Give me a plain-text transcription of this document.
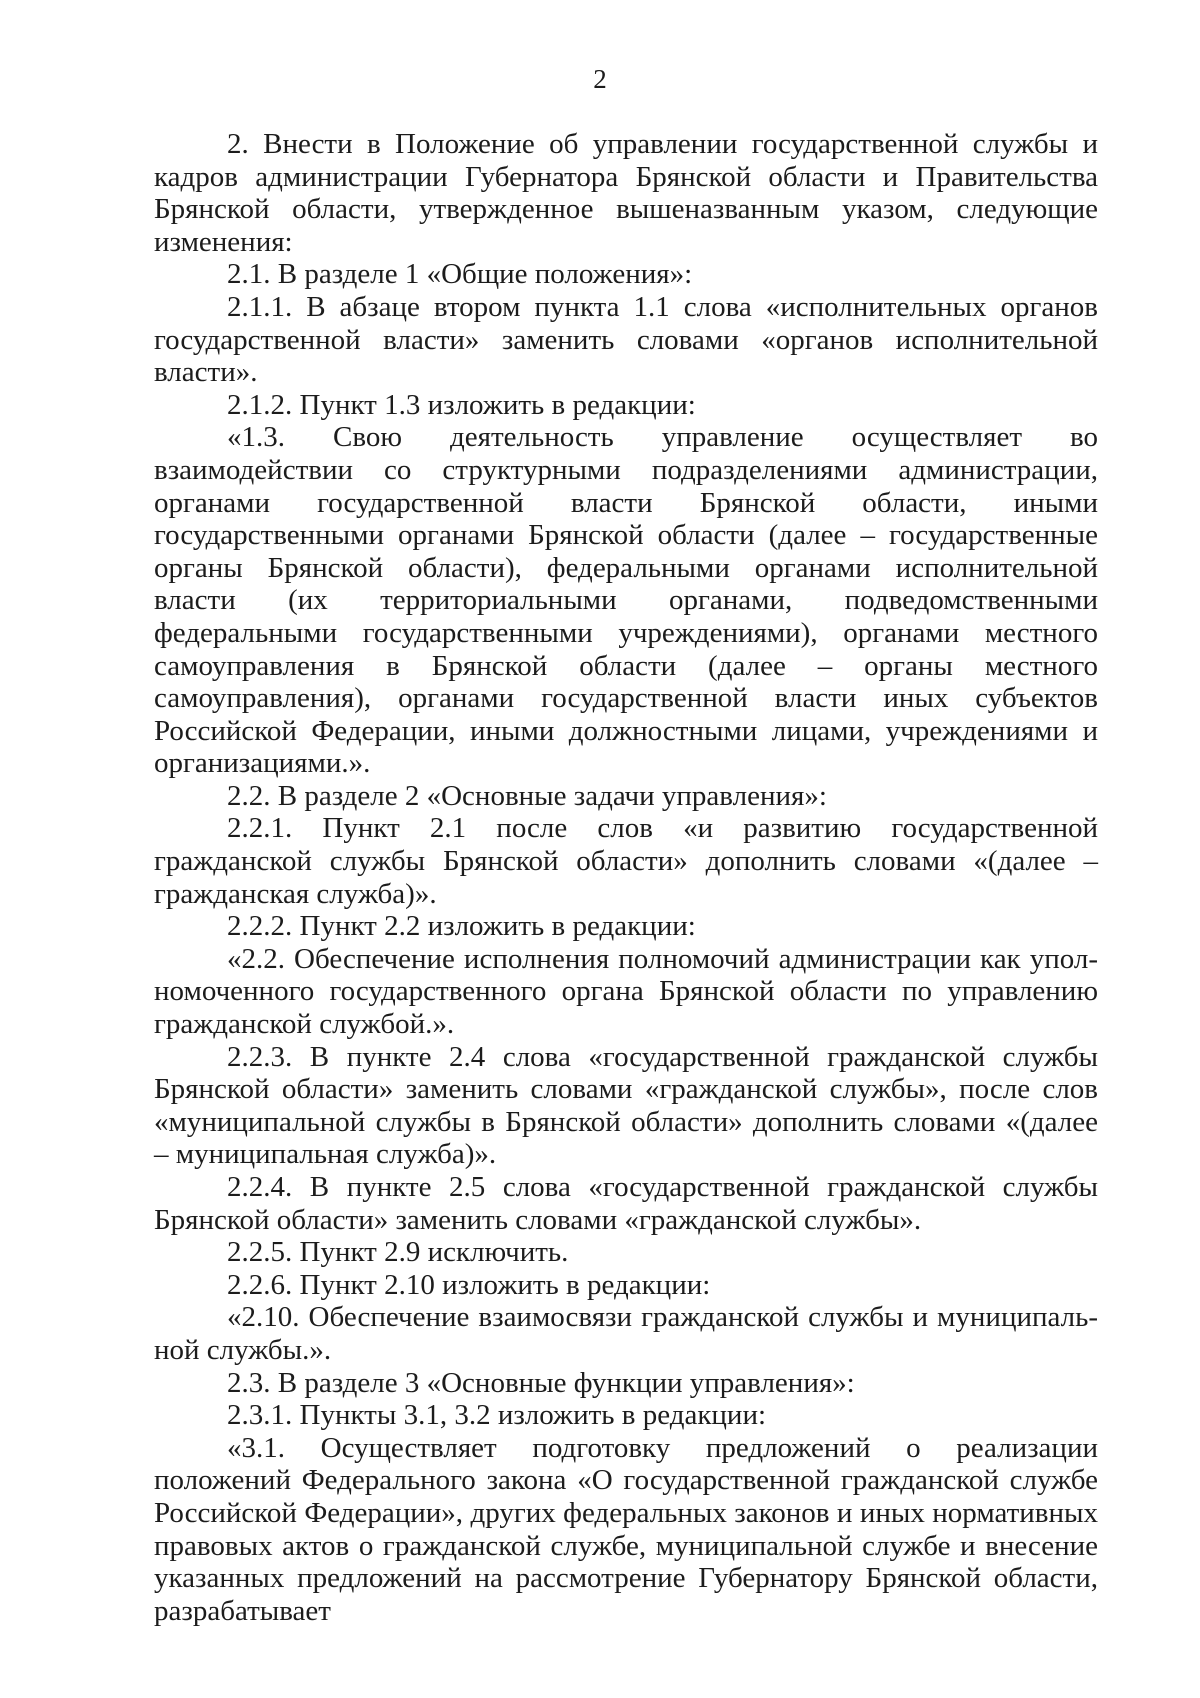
2

2. Внести в Положение об управлении государственной службы и кадров администрации Губернатора Брянской области и Правительства Брянской области, утвержденное вышеназванным указом, следующие изменения:

2.1. В разделе 1 «Общие положения»:

2.1.1. В абзаце втором пункта 1.1 слова «исполнительных органов государственной власти» заменить словами «органов исполнительной власти».

2.1.2. Пункт 1.3 изложить в редакции:

«1.3. Свою деятельность управление осуществляет во взаимодействии со структурными подразделениями администрации, органами государственной власти Брянской области, иными государственными органами Брянской области (далее – государственные органы Брянской области), федеральными органами исполнительной власти (их территориальными органами, подведомственными федеральными государственными учреждениями), органами местного самоуправления в Брянской области (далее – органы местного самоуправления), органами государственной власти иных субъектов Российской Федерации, иными должностными лицами, учреждениями и организациями.».

2.2. В разделе 2 «Основные задачи управления»:

2.2.1. Пункт 2.1 после слов «и развитию государственной гражданской службы Брянской области» дополнить словами «(далее – гражданская служба)».

2.2.2. Пункт 2.2 изложить в редакции:

«2.2. Обеспечение исполнения полномочий администрации как уполномоченного государственного органа Брянской области по управлению гражданской службой.».

2.2.3. В пункте 2.4 слова «государственной гражданской службы Брянской области» заменить словами «гражданской службы», после слов «муниципальной службы в Брянской области» дополнить словами «(далее – муниципальная служба)».

2.2.4. В пункте 2.5 слова «государственной гражданской службы Брянской области» заменить словами «гражданской службы».

2.2.5. Пункт 2.9 исключить.

2.2.6. Пункт 2.10 изложить в редакции:

«2.10. Обеспечение взаимосвязи гражданской службы и муниципальной службы.».

2.3. В разделе 3 «Основные функции управления»:

2.3.1. Пункты 3.1, 3.2 изложить в редакции:

«3.1. Осуществляет подготовку предложений о реализации положений Федерального закона «О государственной гражданской службе Российской Федерации», других федеральных законов и иных нормативных правовых актов о гражданской службе, муниципальной службе и внесение указанных предложений на рассмотрение Губернатору Брянской области, разрабатывает
